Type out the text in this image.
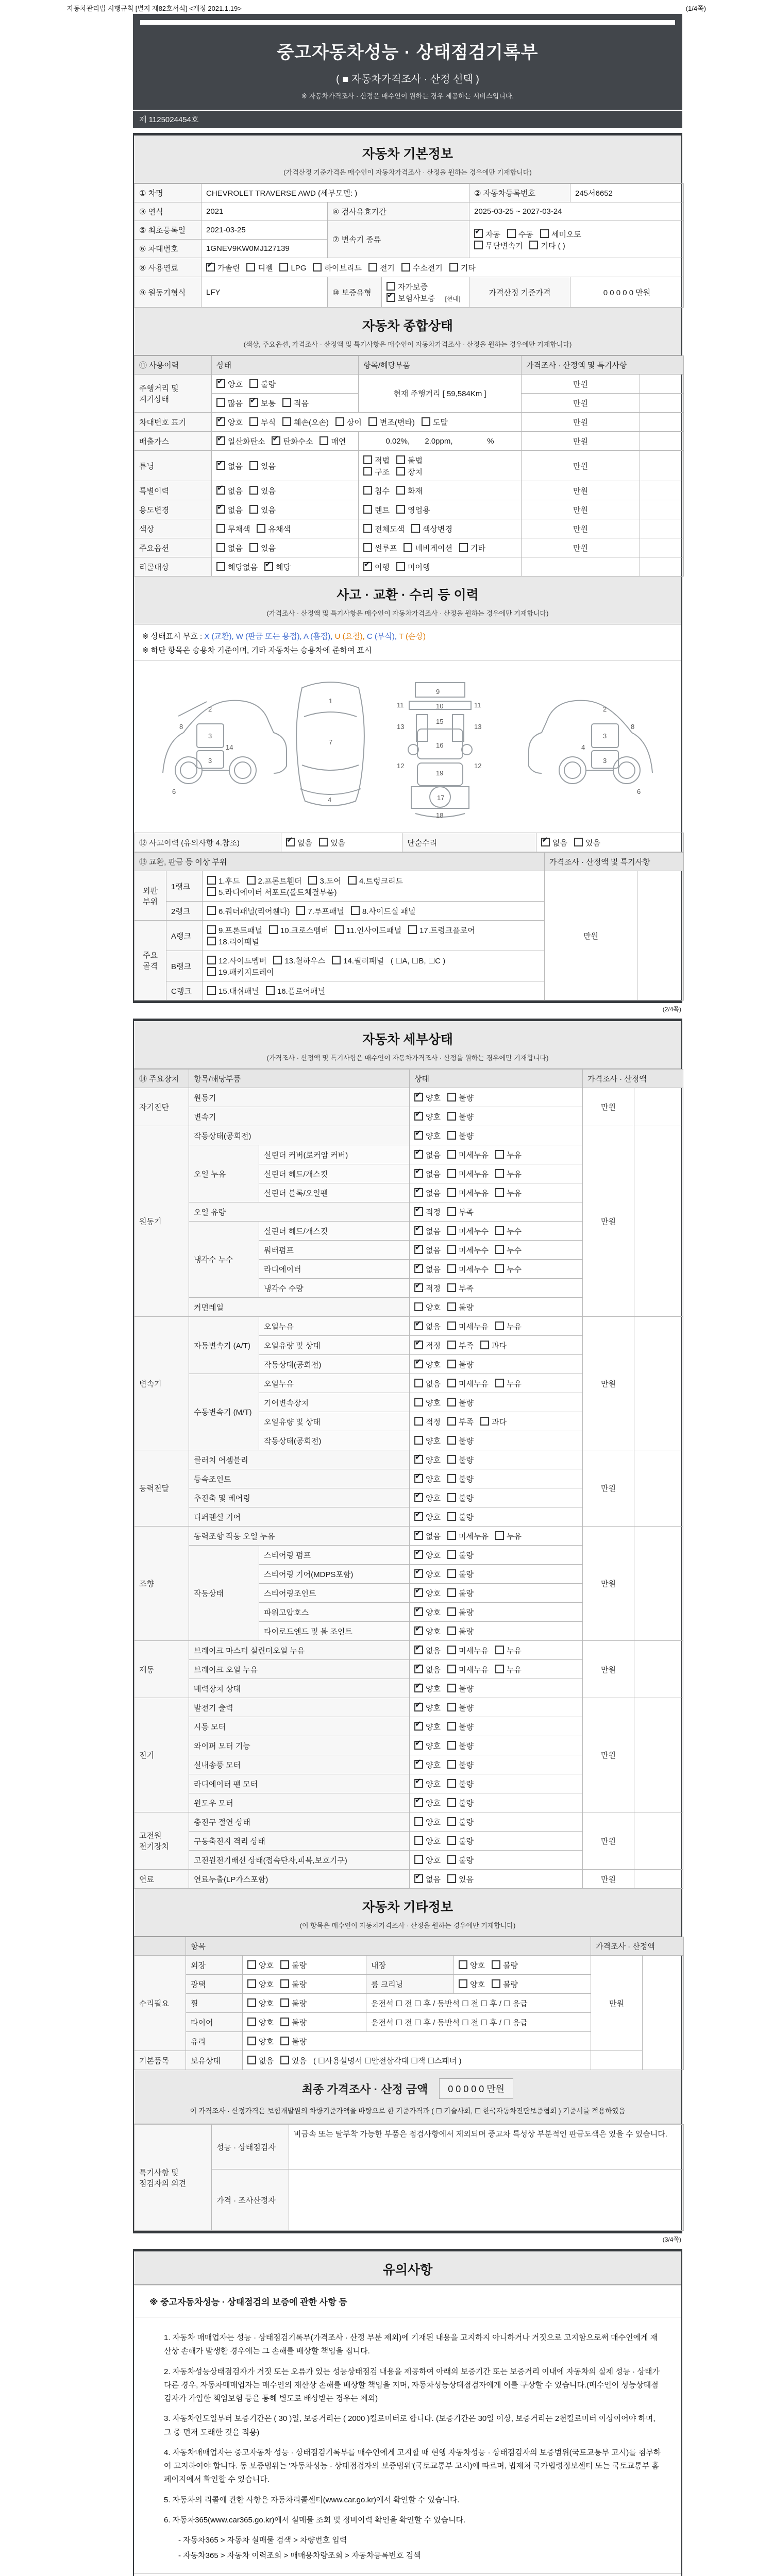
자동차관리법 시행규칙 [별지 제82호서식] <개정 2021.1.19>	(1/4쪽)
중고자동차성능 · 상태점검기록부
( ■ 자동차가격조사 · 산정 선택 )
※ 자동차가격조사 · 산정은 매수인이 원하는 경우 제공하는 서비스입니다.
제 1125024454호
자동차 기본정보
(가격산정 기준가격은 매수인이 자동차가격조사 · 산정을 원하는 경우에만 기재합니다)
① 차명	CHEVROLET TRAVERSE AWD (세부모델: )			② 자동차등록번호	245서6652
③ 연식	2021	④ 검사유효기간		2025-03-25 ~ 2027-03-24	
⑤ 최초등록일	2021-03-25	⑦ 변속기 종류	✔자동 수동 세미오토
무단변속기 기타 ( )
⑥ 차대번호	1GNEV9KW0MJ127139				
⑧ 사용연료	✔가솔린 디젤 LPG 하이브리드 전기 수소전기 기타
⑨ 원동기형식	LFY	⑩ 보증유형	자가보증✔보험사보증 [현대]	가격산정 기준가격	0 0 0 0 0 만원
자동차 종합상태
(색상, 주요옵션, 가격조사 · 산정액 및 특기사항은 매수인이 자동차가격조사 · 산정을 원하는 경우에만 기재합니다)
⑪ 사용이력	상태	항목/해당부품	가격조사 · 산정액 및 특기사항	
주행거리 및 계기상태	✔양호 불량	현재 주행거리 [ 59,584Km ]	만원	
	많음 ✔ 보통 적음		만원	
차대번호 표기	✔양호 부식 훼손(오손) 상이 변조(변타) 도말		만원	
배출가스	✔일산화탄소 ✔ 탄화수소 매연	0.02%,       2.0ppm,                %	만원	
튜닝	✔없음 있음	적법 불법구조 장치	만원	
특별이력	✔없음 있음	침수 화재	만원	
용도변경	✔없음 있음	렌트 영업용	만원	
색상	무채색 유채색	전체도색 색상변경	만원	
주요옵션	없음 있음	썬루프 네비게이션 기타	만원	
리콜대상	해당없음 ✔ 해당	✔이행 미이행		
사고 · 교환 · 수리 등 이력
(가격조사 · 산정액 및 특기사항은 매수인이 자동차가격조사 · 산정을 원하는 경우에만 기재합니다)
※ 상태표시 부호 : X (교환), W (판금 또는 용접), A (흠집), U (요철), C (부식), T (손상)
※ 하단 항목은 승용차 기준이며, 기타 자동차는 승용차에 준하여 표시
2
3
3
8
14
6
7
1
4
11	11
13	13
9
10
15
16
12	12
19
17
18
2
3
3
8
4
6
⑫ 사고이력 (유의사항 4.참조)	✔없음 있음	단순수리	✔없음 있음
⑬ 교환, 판금 등 이상 부위			가격조사 · 산정액 및 특기사항	
외판 부위	1랭크	1.후드 2.프론트휀더 3.도어 4.트렁크리드5.라디에이터 서포트(볼트체결부품)	만원	
	2랭크	6.쿼더패널(리어휀다) 7.루프패널 8.사이드실 패널		
주요 골격	A랭크	9.프론트패널 10.크로스멤버 11.인사이드패널 17.트렁크플로어18.리어패널		
	B랭크	12.사이드멤버 13.휠하우스 14.필러패널 ( ☐A, ☐B, ☐C )
19.패키지트레이		
	C랭크	15.대쉬패널 16.플로어패널		
(2/4쪽)
자동차 세부상태
(가격조사 · 산정액 및 특기사항은 매수인이 자동차가격조사 · 산정을 원하는 경우에만 기재합니다)
⑭ 주요장치	항목/해당부품		상태	가격조사 · 산정액	
자기진단	원동기	✔양호 불량	만원	
	변속기	✔양호 불량
원동기	작동상태(공회전)	✔양호 불량	만원	
	오일 누유	실린더 커버(로커암 커버)	✔없음 미세누유 누유
		실린더 헤드/개스킷	✔없음 미세누유 누유
		실린더 블록/오일팬	✔없음 미세누유 누유
	오일 유량	✔적정 부족
	냉각수 누수	실린더 헤드/개스킷	✔없음 미세누수 누수
		워터펌프	✔없음 미세누수 누수
		라디에이터	✔없음 미세누수 누수
		냉각수 수량	✔적정 부족
	커먼레일		양호 불량		
변속기	자동변속기 (A/T)	오일누유	✔없음 미세누유 누유	만원	
		오일유량 및 상태	✔적정 부족 과다
		작동상태(공회전)	✔양호 불량
	수동변속기 (M/T)	오일누유	없음 미세누유 누유		
		기어변속장치	양호 불량		
		오일유량 및 상태	적정 부족 과다		
		작동상태(공회전)	양호 불량		
동력전달	클러치 어셈블리	✔양호 불량	만원	
	등속조인트	✔양호 불량
	추진축 및 베어링	✔양호 불량
	디퍼렌셜 기어	✔양호 불량
조향	동력조향 작동 오일 누유	✔없음 미세누유 누유	만원	
	작동상태	스티어링 펌프	✔양호 불량
		스티어링 기어(MDPS포함)	✔양호 불량
		스티어링조인트	✔양호 불량
		파워고압호스	✔양호 불량
		타이로드엔드 및 볼 조인트	✔양호 불량
제동	브레이크 마스터 실린더오일 누유	✔없음 미세누유 누유	만원	
	브레이크 오일 누유	✔없음 미세누유 누유
	배력장치 상태	✔양호 불량
전기	발전기 출력	✔양호 불량	만원	
	시동 모터	✔양호 불량
	와이퍼 모터 기능	✔양호 불량
	실내송풍 모터	✔양호 불량
	라디에이터 팬 모터	✔양호 불량
	윈도우 모터	✔양호 불량
고전원 전기장치	충전구 절연 상태		양호 불량	만원	
	구동축전지 격리 상태		양호 불량		
	고전원전기배선 상태(접속단자,피복,보호기구)		양호 불량		
연료	연료누출(LP가스포함)	✔없음 있음	만원	
자동차 기타정보
(이 항목은 매수인이 자동차가격조사 · 산정을 원하는 경우에만 기재합니다)
	항목				가격조사 · 산정액	
수리필요	외장	양호 불량	내장	양호 불량	만원	
	광택	양호 불량	룸 크리닝	양호 불량		
	휠	양호 불량	운전석 ☐ 전 ☐ 후 / 동반석 ☐ 전 ☐ 후 / ☐ 응급			
	타이어	양호 불량	운전석 ☐ 전 ☐ 후 / 동반석 ☐ 전 ☐ 후 / ☐ 응급			
	유리	양호 불량				
기본품목	보유상태	없음 있음 ( ☐사용설명서 ☐안전삼각대 ☐잭 ☐스패너 )				
최종 가격조사 · 산정 금액	0 0 0 0 0 만원
이 가격조사 · 산정가격은 보험개발원의 차량기준가액을 바탕으로 한 기준가격과 ( ☐ 기술사회, ☐ 한국자동차진단보증협회 ) 기준서를 적용하였음
특기사항 및 점검자의 의견	성능 · 상태점검자	비금속 또는 탈부착 가능한 부품은 점검사항에서 제외되며 중고차 특성상 부분적인 판금도색은 있을 수 있습니다.
	가격 · 조사산정자	
(3/4쪽)
유의사항
※ 중고자동차성능 · 상태점검의 보증에 관한 사항 등
1. 자동차 매매업자는 성능 · 상태점검기록부(가격조사 · 산정 부분 제외)에 기재된 내용을 고지하지 아니하거나 거짓으로 고지함으로써 매수인에게 재산상 손해가 발생한 경우에는 그 손해를 배상할 책임을 집니다.
2. 자동차성능상태점검자가 거짓 또는 오류가 있는 성능상태점검 내용을 제공하여 아래의 보증기간 또는 보증거리 이내에 자동차의 실제 성능 · 상태가 다른 경우, 자동차매매업자는 매수인의 재산상 손해를 배상할 책임을 지며, 자동차성능상태점검자에게 이를 구상할 수 있습니다.(매수인이 성능상태점검자가 가입한 책임보험 등을 통해 별도로 배상받는 경우는 제외)
3. 자동차인도일부터 보증기간은 ( 30 )일, 보증거리는 ( 2000 )킬로미터로 합니다. (보증기간은 30일 이상, 보증거리는 2천킬로미터 이상이어야 하며, 그 중 먼저 도래한 것을 적용)
4. 자동차매매업자는 중고자동차 성능 · 상태점검기록부를 매수인에게 고지할 때 현행 자동차성능 · 상태점검자의 보증범위(국토교통부 고시)를 첨부하여 고지하여야 합니다. 동 보증범위는 '자동차성능 · 상태점검자의 보증범위'(국토교통부 고시)에 따르며, 법제처 국가법령정보센터 또는 국토교통부 홈페이지에서 확인할 수 있습니다.
5. 자동차의 리콜에 관한 사항은 자동차리콜센터(www.car.go.kr)에서 확인할 수 있습니다.
6. 자동차365(www.car365.go.kr)에서 실매물 조회 및 정비이력 확인을 확인할 수 있습니다.
- 자동차365 > 자동차 실매물 검색 > 차량번호 입력
- 자동차365 > 자동차 이력조회 > 매매용차량조회 > 자동차등록번호 검색
